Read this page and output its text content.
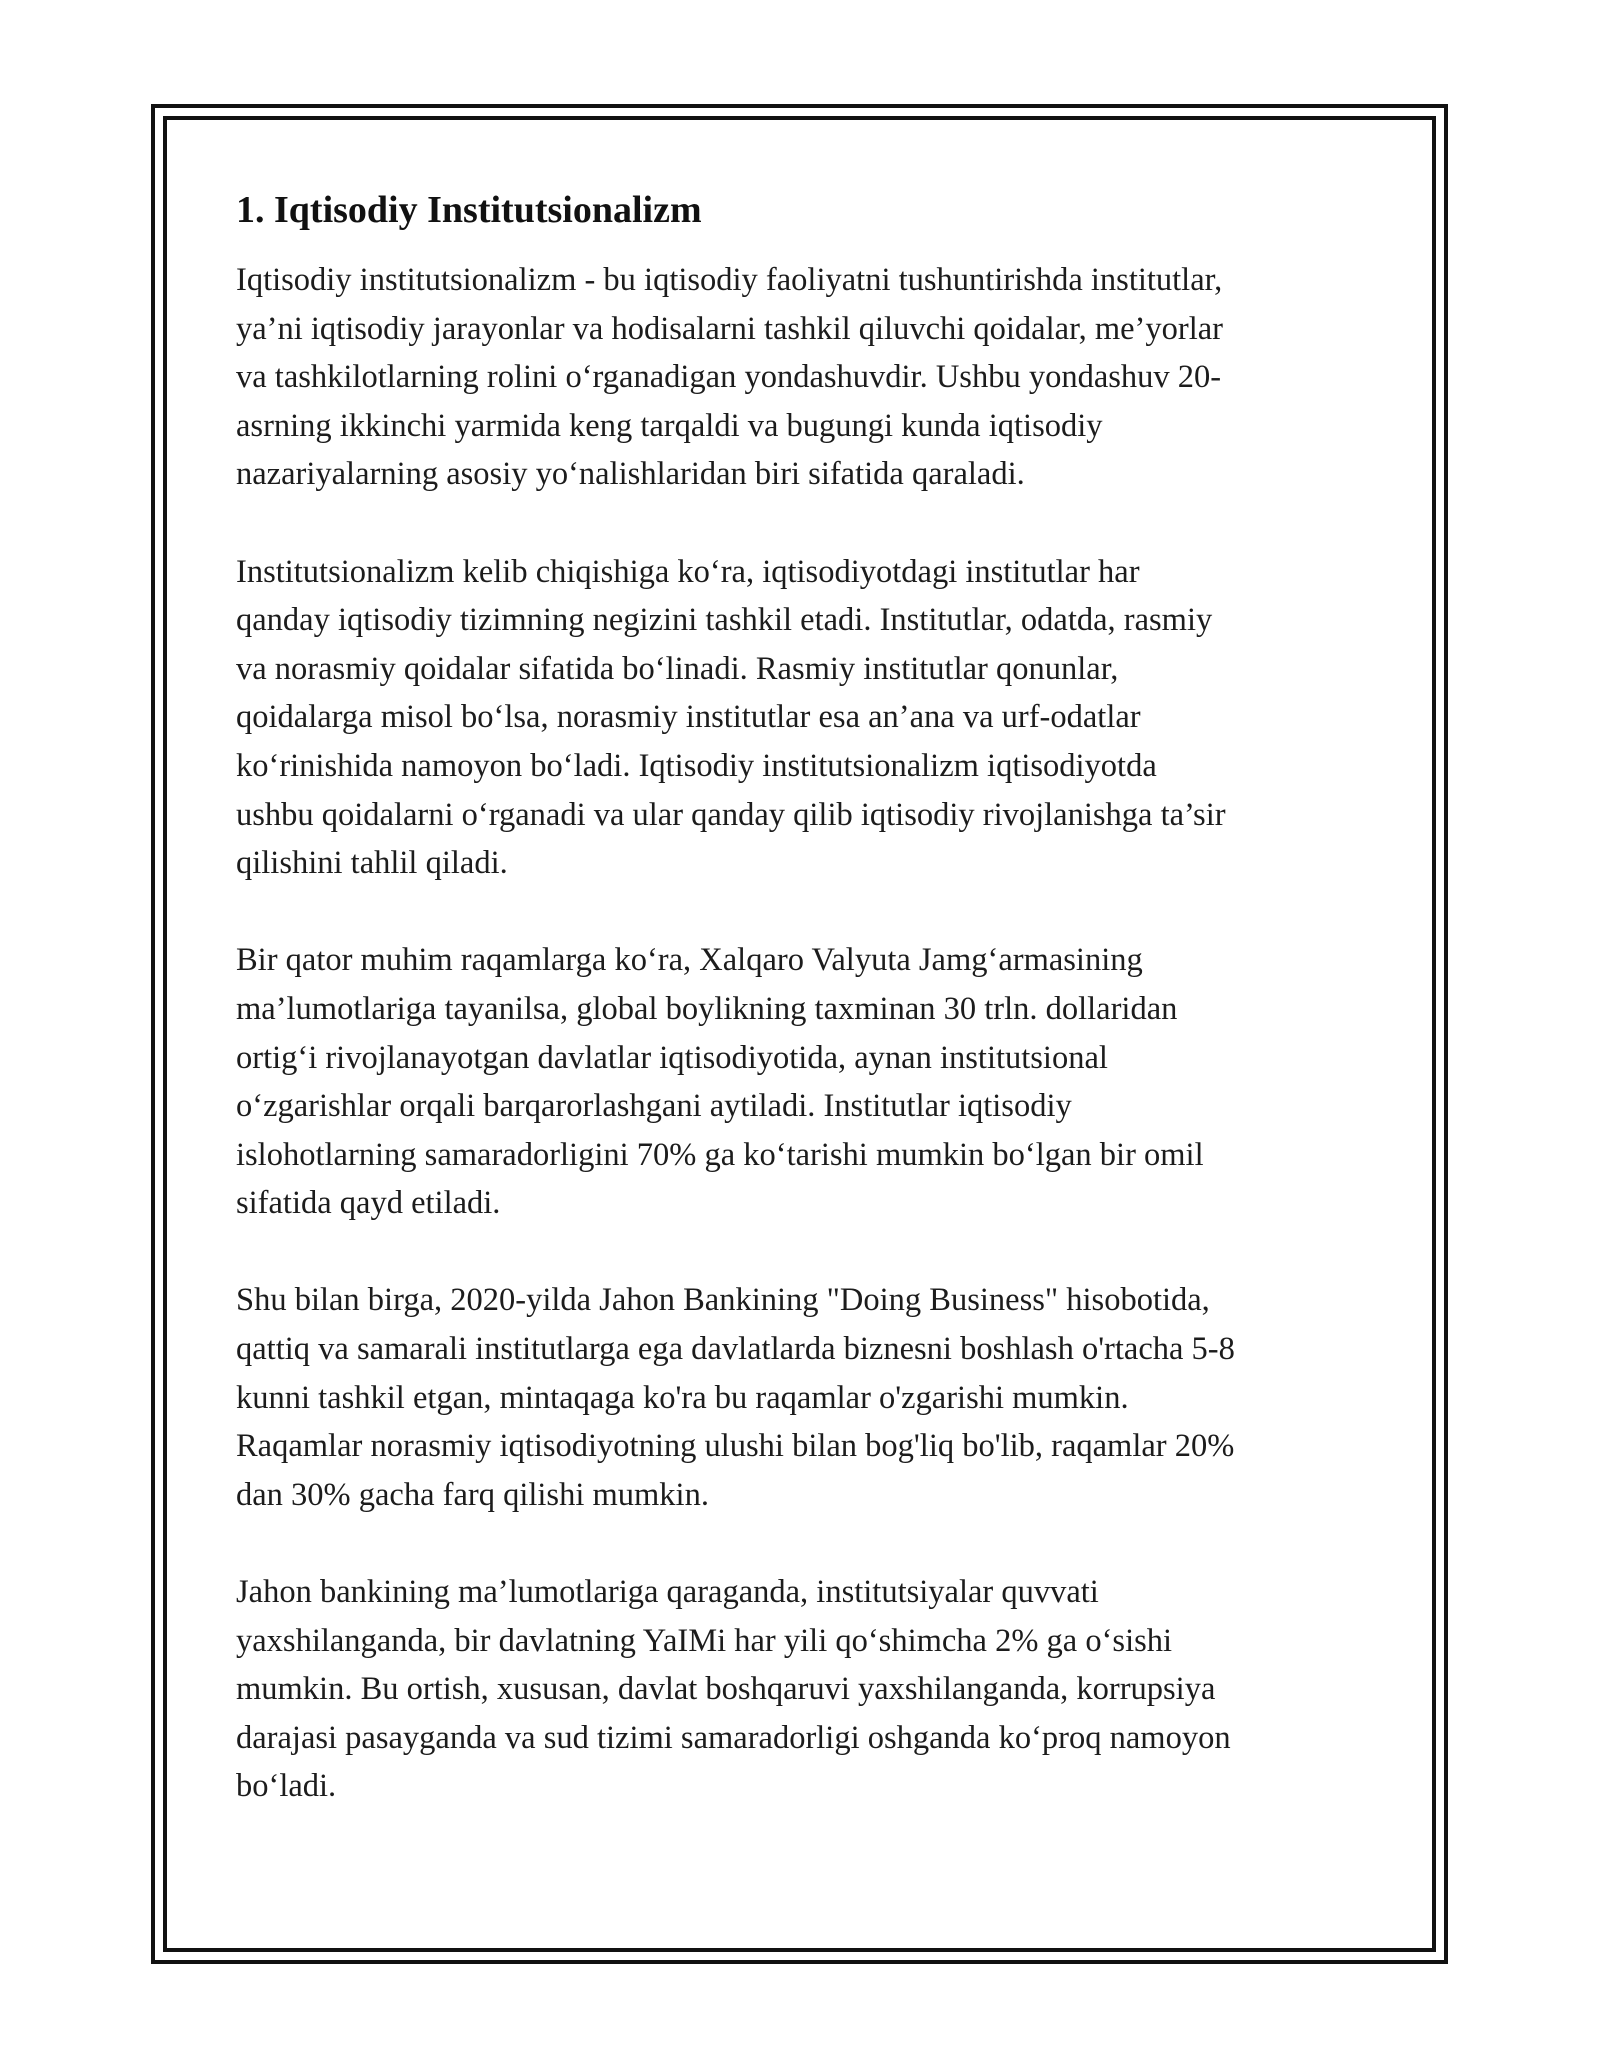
1. Iqtisodiy Institutsionalizm

Iqtisodiy institutsionalizm - bu iqtisodiy faoliyatni tushuntirishda institutlar,
ya’ni iqtisodiy jarayonlar va hodisalarni tashkil qiluvchi qoidalar, me’yorlar
va tashkilotlarning rolini o‘rganadigan yondashuvdir. Ushbu yondashuv 20-
asrning ikkinchi yarmida keng tarqaldi va bugungi kunda iqtisodiy
nazariyalarning asosiy yo‘nalishlaridan biri sifatida qaraladi.

Institutsionalizm kelib chiqishiga ko‘ra, iqtisodiyotdagi institutlar har
qanday iqtisodiy tizimning negizini tashkil etadi. Institutlar, odatda, rasmiy
va norasmiy qoidalar sifatida bo‘linadi. Rasmiy institutlar qonunlar,
qoidalarga misol bo‘lsa, norasmiy institutlar esa an’ana va urf-odatlar
ko‘rinishida namoyon bo‘ladi. Iqtisodiy institutsionalizm iqtisodiyotda
ushbu qoidalarni o‘rganadi va ular qanday qilib iqtisodiy rivojlanishga ta’sir
qilishini tahlil qiladi.

Bir qator muhim raqamlarga ko‘ra, Xalqaro Valyuta Jamg‘armasining
ma’lumotlariga tayanilsa, global boylikning taxminan 30 trln. dollaridan
ortig‘i rivojlanayotgan davlatlar iqtisodiyotida, aynan institutsional
o‘zgarishlar orqali barqarorlashgani aytiladi. Institutlar iqtisodiy
islohotlarning samaradorligini 70% ga ko‘tarishi mumkin bo‘lgan bir omil
sifatida qayd etiladi.

Shu bilan birga, 2020-yilda Jahon Bankining "Doing Business" hisobotida,
qattiq va samarali institutlarga ega davlatlarda biznesni boshlash o'rtacha 5-8
kunni tashkil etgan, mintaqaga ko'ra bu raqamlar o'zgarishi mumkin.
Raqamlar norasmiy iqtisodiyotning ulushi bilan bog'liq bo'lib, raqamlar 20%
dan 30% gacha farq qilishi mumkin.

Jahon bankining ma’lumotlariga qaraganda, institutsiyalar quvvati
yaxshilanganda, bir davlatning YaIMi har yili qo‘shimcha 2% ga o‘sishi
mumkin. Bu ortish, xususan, davlat boshqaruvi yaxshilanganda, korrupsiya
darajasi pasayganda va sud tizimi samaradorligi oshganda ko‘proq namoyon
bo‘ladi.
